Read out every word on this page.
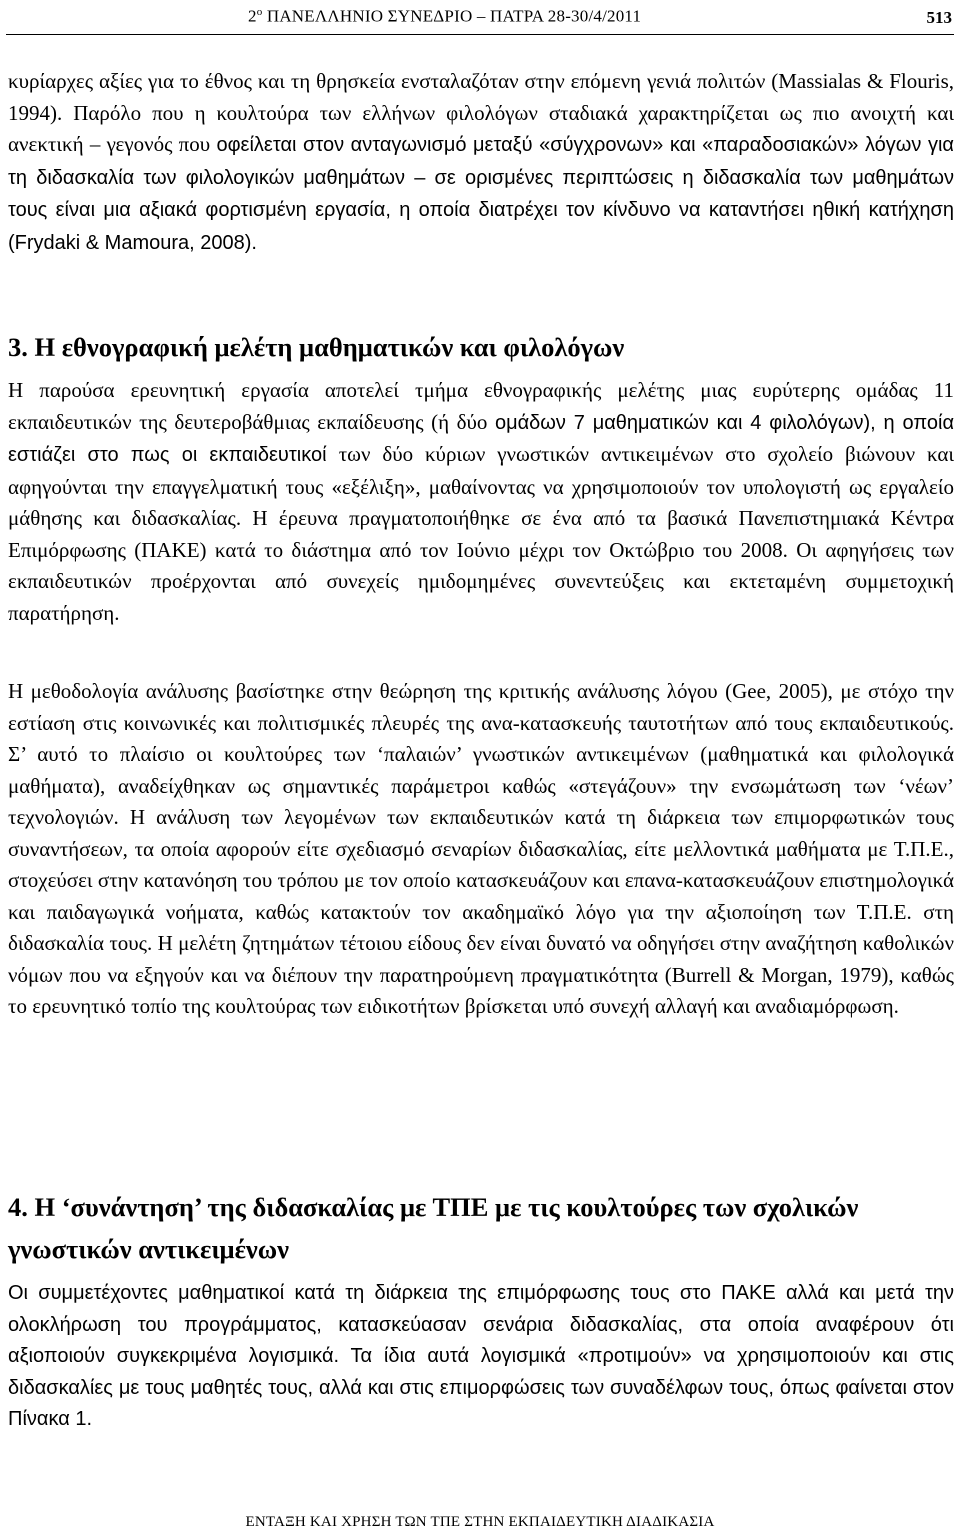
2$^o$ ΠΑΝΕΛΛΗΝΙΟ ΣΥΝΕΔΡΙΟ – ΠΑΤΡΑ 28-30/4/2011	513

κυρίαρχες αξίες για το έθνος και τη θρησκεία ενσταλαζόταν στην επόμενη γενιά πολιτών (Massialas & Flouris, 1994). Παρόλο που η κουλτούρα των ελλήνων φιλολόγων σταδιακά χαρακτηρίζεται ως πιο ανοιχτή και ανεκτική – γεγονός που οφείλεται στον ανταγωνισμό μεταξύ «σύγχρονων» και «παραδοσιακών» λόγων για τη διδασκαλία των φιλολογικών μαθημάτων – σε ορισμένες περιπτώσεις η διδασκαλία των μαθημάτων τους είναι μια αξιακά φορτισμένη εργασία, η οποία διατρέχει τον κίνδυνο να καταντήσει ηθική κατήχηση (Frydaki & Mamoura, 2008).

3. Η εθνογραφική μελέτη μαθηματικών και φιλολόγων

Η παρούσα ερευνητική εργασία αποτελεί τμήμα εθνογραφικής μελέτης μιας ευρύτερης ομάδας 11 εκπαιδευτικών της δευτεροβάθμιας εκπαίδευσης (ή δύο ομάδων 7 μαθηματικών και 4 φιλολόγων), η οποία εστιάζει στο πως οι εκπαιδευτικοί των δύο κύριων γνωστικών αντικειμένων στο σχολείο βιώνουν και αφηγούνται την επαγγελματική τους «εξέλιξη», μαθαίνοντας να χρησιμοποιούν τον υπολογιστή ως εργαλείο μάθησης και διδασκαλίας. Η έρευνα πραγματοποιήθηκε σε ένα από τα βασικά Πανεπιστημιακά Κέντρα Επιμόρφωσης (ΠΑΚΕ) κατά το διάστημα από τον Ιούνιο μέχρι τον Οκτώβριο του 2008. Οι αφηγήσεις των εκπαιδευτικών προέρχονται από συνεχείς ημιδομημένες συνεντεύξεις και εκτεταμένη συμμετοχική παρατήρηση.

Η μεθοδολογία ανάλυσης βασίστηκε στην θεώρηση της κριτικής ανάλυσης λόγου (Gee, 2005), με στόχο την εστίαση στις κοινωνικές και πολιτισμικές πλευρές της ανα-κατασκευής ταυτοτήτων από τους εκπαιδευτικούς. Σ’ αυτό το πλαίσιο οι κουλτούρες των ‘παλαιών’ γνωστικών αντικειμένων (μαθηματικά και φιλολογικά μαθήματα), αναδείχθηκαν ως σημαντικές παράμετροι καθώς «στεγάζουν» την ενσωμάτωση των ‘νέων’ τεχνολογιών. Η ανάλυση των λεγομένων των εκπαιδευτικών κατά τη διάρκεια των επιμορφωτικών τους συναντήσεων, τα οποία αφορούν είτε σχεδιασμό σεναρίων διδασκαλίας, είτε μελλοντικά μαθήματα με Τ.Π.Ε., στοχεύσει στην κατανόηση του τρόπου με τον οποίο κατασκευάζουν και επανα-κατασκευάζουν επιστημολογικά και παιδαγωγικά νοήματα, καθώς κατακτούν τον ακαδημαϊκό λόγο για την αξιοποίηση των Τ.Π.Ε. στη διδασκαλία τους. Η μελέτη ζητημάτων τέτοιου είδους δεν είναι δυνατό να οδηγήσει στην αναζήτηση καθολικών νόμων που να εξηγούν και να διέπουν την παρατηρούμενη πραγματικότητα (Burrell & Morgan, 1979), καθώς το ερευνητικό τοπίο της κουλτούρας των ειδικοτήτων βρίσκεται υπό συνεχή αλλαγή και αναδιαμόρφωση.

4. Η ‘συνάντηση’ της διδασκαλίας με ΤΠΕ με τις κουλτούρες των σχολικών γνωστικών αντικειμένων

Οι συμμετέχοντες μαθηματικοί κατά τη διάρκεια της επιμόρφωσης τους στο ΠΑΚΕ αλλά και μετά την ολοκλήρωση του προγράμματος, κατασκεύασαν σενάρια διδασκαλίας, στα οποία αναφέρουν ότι αξιοποιούν συγκεκριμένα λογισμικά. Τα ίδια αυτά λογισμικά «προτιμούν» να χρησιμοποιούν και στις διδασκαλίες με τους μαθητές τους, αλλά και στις επιμορφώσεις των συναδέλφων τους, όπως φαίνεται στον Πίνακα 1.

ΕΝΤΑΞΗ ΚΑΙ ΧΡΗΣΗ ΤΩΝ ΤΠΕ ΣΤΗΝ ΕΚΠΑΙΔΕΥΤΙΚΗ ΔΙΑΔΙΚΑΣΙΑ
